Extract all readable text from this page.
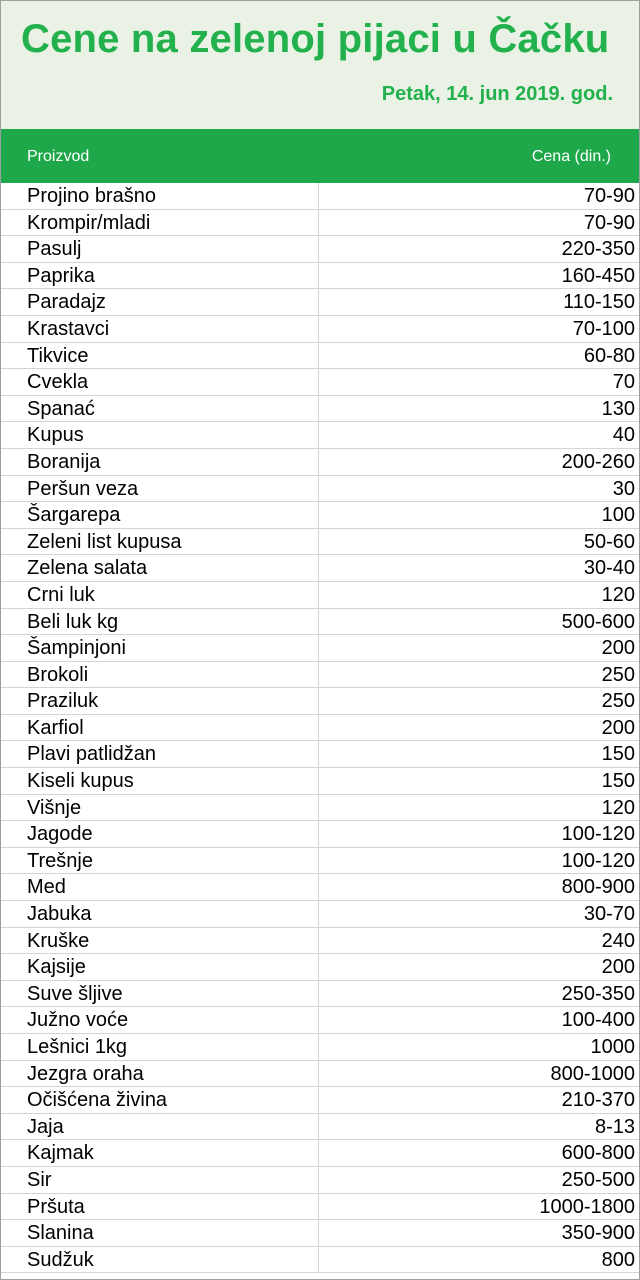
Cene na zelenoj pijaci u Čačku
Petak, 14. jun 2019. god.
Proizvod	Cena (din.)
Projino brašno	70-90
Krompir/mladi	70-90
Pasulj	220-350
Paprika	160-450
Paradajz	110-150
Krastavci	70-100
Tikvice	60-80
Cvekla	70
Spanać	130
Kupus	40
Boranija	200-260
Peršun veza	30
Šargarepa	100
Zeleni list kupusa	50-60
Zelena salata	30-40
Crni luk	120
Beli luk kg	500-600
Šampinjoni	200
Brokoli	250
Praziluk	250
Karfiol	200
Plavi patlidžan	150
Kiseli kupus	150
Višnje	120
Jagode	100-120
Trešnje	100-120
Med	800-900
Jabuka	30-70
Kruške	240
Kajsije	200
Suve šljive	250-350
Južno voće	100-400
Lešnici 1kg	1000
Jezgra oraha	800-1000
Očišćena živina	210-370
Jaja	8-13
Kajmak	600-800
Sir	250-500
Pršuta	1000-1800
Slanina	350-900
Sudžuk	800
